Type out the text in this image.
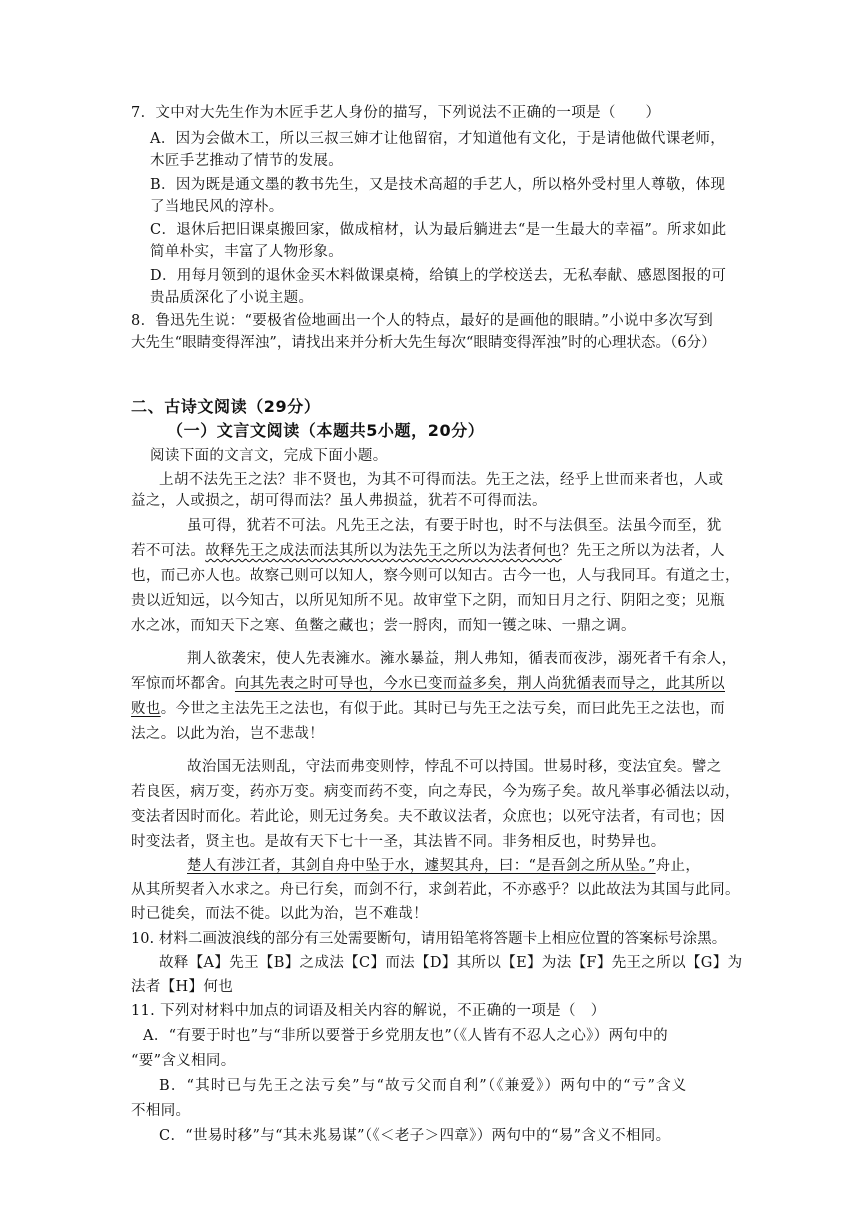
7．文中对大先生作为木匠手艺人身份的描写，下列说法不正确的一项是（　　）
A．因为会做木工，所以三叔三婶才让他留宿，才知道他有文化，于是请他做代课老师，
木匠手艺推动了情节的发展。
B．因为既是通文墨的教书先生，又是技术高超的手艺人，所以格外受村里人尊敬，体现
了当地民风的淳朴。
C．退休后把旧课桌搬回家，做成棺材，认为最后躺进去“是一生最大的幸福”。所求如此
简单朴实，丰富了人物形象。
D．用每月领到的退休金买木料做课桌椅，给镇上的学校送去，无私奉献、感恩图报的可
贵品质深化了小说主题。
8．鲁迅先生说：“要极省俭地画出一个人的特点，最好的是画他的眼睛。”小说中多次写到
大先生“眼睛变得浑浊”，请找出来并分析大先生每次“眼睛变得浑浊”时的心理状态。（6分）
二、古诗文阅读（29分）
（一）文言文阅读（本题共5小题，20分）
阅读下面的文言文，完成下面小题。
上胡不法先王之法？非不贤也，为其不可得而法。先王之法，经乎上世而来者也，人或
益之，人或损之，胡可得而法？虽人弗损益，犹若不可得而法。
虽可得，犹若不可法。凡先王之法，有要于时也，时不与法俱至。法虽今而至，犹
若不可法。故释先王之成法而法其所以为法先王之所以为法者何也？先王之所以为法者，人
也，而己亦人也。故察己则可以知人，察今则可以知古。古今一也，人与我同耳。有道之士，
贵以近知远，以今知古，以所见知所不见。故审堂下之阴，而知日月之行、阴阳之变；见瓶
水之冰，而知天下之寒、鱼鳖之藏也；尝一脟肉，而知一镬之味、一鼎之调。
荆人欲袭宋，使人先表澭水。澭水暴益，荆人弗知，循表而夜涉，溺死者千有余人，
军惊而坏都舍。向其先表之时可导也，今水已变而益多矣，荆人尚犹循表而导之，此其所以
败也。今世之主法先王之法也，有似于此。其时已与先王之法亏矣，而曰此先王之法也，而
法之。以此为治，岂不悲哉！
故治国无法则乱，守法而弗变则悖，悖乱不可以持国。世易时移，变法宜矣。譬之
若良医，病万变，药亦万变。病变而药不变，向之寿民，今为殇子矣。故凡举事必循法以动，
变法者因时而化。若此论，则无过务矣。夫不敢议法者，众庶也；以死守法者，有司也；因
时变法者，贤主也。是故有天下七十一圣，其法皆不同。非务相反也，时势异也。
楚人有涉江者，其剑自舟中坠于水，遽契其舟，曰：“是吾剑之所从坠。”舟止，
从其所契者入水求之。舟已行矣，而剑不行，求剑若此，不亦惑乎？以此故法为其国与此同。
时已徙矣，而法不徙。以此为治，岂不难哉！
10. 材料二画波浪线的部分有三处需要断句，请用铅笔将答题卡上相应位置的答案标号涂黑。
故释【A】先王【B】之成法【C】而法【D】其所以【E】为法【F】先王之所以【G】为
法者【H】何也
11. 下列对材料中加点的词语及相关内容的解说，不正确的一项是（　）
A．“有要于时也”与“非所以要誉于乡党朋友也”（《人皆有不忍人之心》）两句中的
“要”含义相同。
B．“其时已与先王之法亏矣”与“故亏父而自利”（《兼爱》）两句中的“亏”含义
不相同。
C．“世易时移”与“其未兆易谋”（《＜老子＞四章》）两句中的“易”含义不相同。
